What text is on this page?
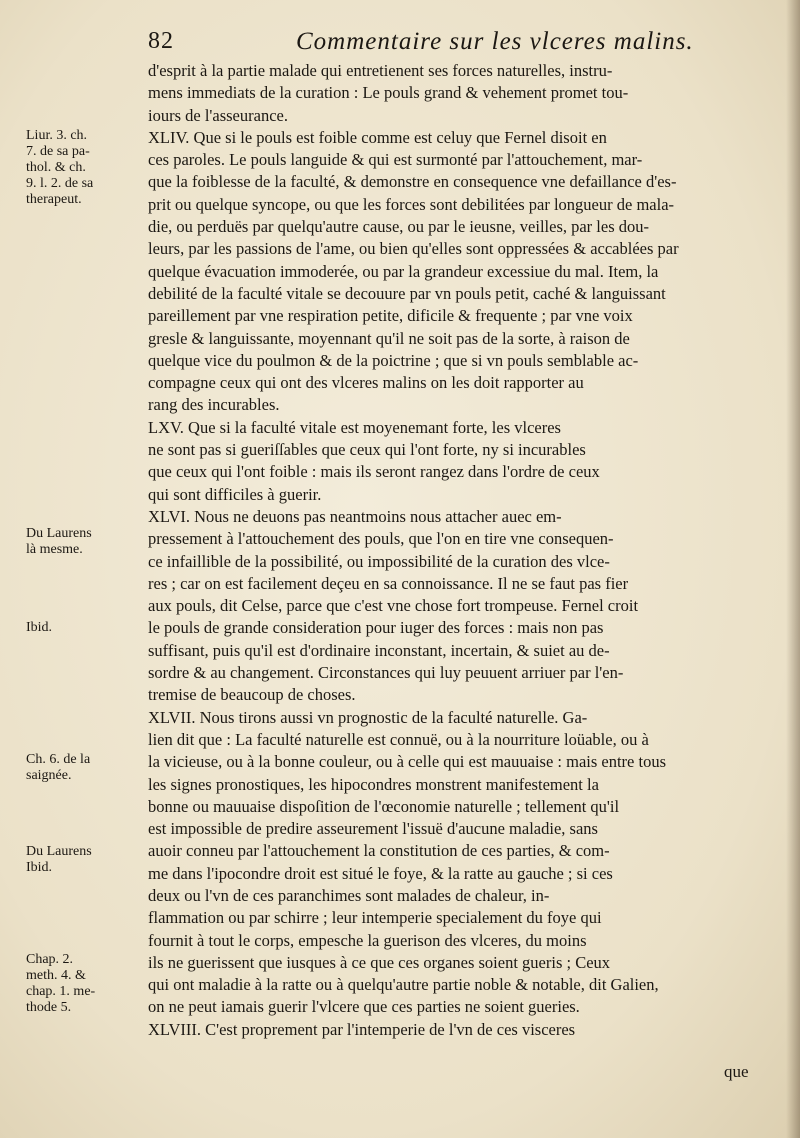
82	Commentaire sur les vlceres malins.
d'esprit à la partie malade qui entretienent ses forces naturelles, instru-
mens immediats de la curation : Le pouls grand & vehement promet tou-
iours de l'asseurance.
XLIV. Que si le pouls est foible comme est celuy que Fernel disoit en
ces paroles. Le pouls languide & qui est surmonté par l'attouchement, mar-
que la foiblesse de la faculté, & demonstre en consequence vne defaillance d'es-
prit ou quelque syncope, ou que les forces sont debilitées par longueur de mala-
die, ou perduës par quelqu'autre cause, ou par le ieusne, veilles, par les dou-
leurs, par les passions de l'ame, ou bien qu'elles sont oppressées & accablées par
quelque évacuation immoderée, ou par la grandeur excessiue du mal. Item, la
debilité de la faculté vitale se decouure par vn pouls petit, caché & languissant
pareillement par vne respiration petite, dificile & frequente ; par vne voix
gresle & languissante, moyennant qu'il ne soit pas de la sorte, à raison de
quelque vice du poulmon & de la poictrine ; que si vn pouls semblable ac-
compagne ceux qui ont des vlceres malins on les doit rapporter au
rang des incurables.
LXV. Que si la faculté vitale est moyenemant forte, les vlceres
ne sont pas si gueriſſables que ceux qui l'ont forte, ny si incurables
que ceux qui l'ont foible : mais ils seront rangez dans l'ordre de ceux
qui sont difficiles à guerir.
XLVI. Nous ne deuons pas neantmoins nous attacher auec em-
pressement à l'attouchement des pouls, que l'on en tire vne consequen-
ce infaillible de la possibilité, ou impossibilité de la curation des vlce-
res ; car on est facilement deçeu en sa connoissance. Il ne se faut pas fier
aux pouls, dit Celse, parce que c'est vne chose fort trompeuse. Fernel croit
le pouls de grande consideration pour iuger des forces : mais non pas
suffisant, puis qu'il est d'ordinaire inconstant, incertain, & suiet au de-
sordre & au changement. Circonstances qui luy peuuent arriuer par l'en-
tremise de beaucoup de choses.
XLVII. Nous tirons aussi vn prognostic de la faculté naturelle. Ga-
lien dit que : La faculté naturelle est connuë, ou à la nourriture loüable, ou à
la vicieuse, ou à la bonne couleur, ou à celle qui est mauuaise : mais entre tous
les signes pronostiques, les hipocondres monstrent manifestement la
bonne ou mauuaise dispoſition de l'œconomie naturelle ; tellement qu'il
est impossible de predire asseurement l'issuë d'aucune maladie, sans
auoir conneu par l'attouchement la constitution de ces parties, & com-
me dans l'ipocondre droit est situé le foye, & la ratte au gauche ; si ces
deux ou l'vn de ces paranchimes sont malades de chaleur, in-
flammation ou par schirre ; leur intemperie specialement du foye qui
fournit à tout le corps, empesche la guerison des vlceres, du moins
ils ne guerissent que iusques à ce que ces organes soient gueris ; Ceux
qui ont maladie à la ratte ou à quelqu'autre partie noble & notable, dit Galien,
on ne peut iamais guerir l'vlcere que ces parties ne soient gueries.
XLVIII. C'est proprement par l'intemperie de l'vn de ces visceres
Liur. 3. ch.
7. de sa pa-
thol. & ch.
9. l. 2. de sa
therapeut.
Du Laurens
là mesme.
Ibid.
Ch. 6. de la
saignée.
Du Laurens
Ibid.
Chap. 2.
meth. 4. &
chap. 1. me-
thode 5.
que
